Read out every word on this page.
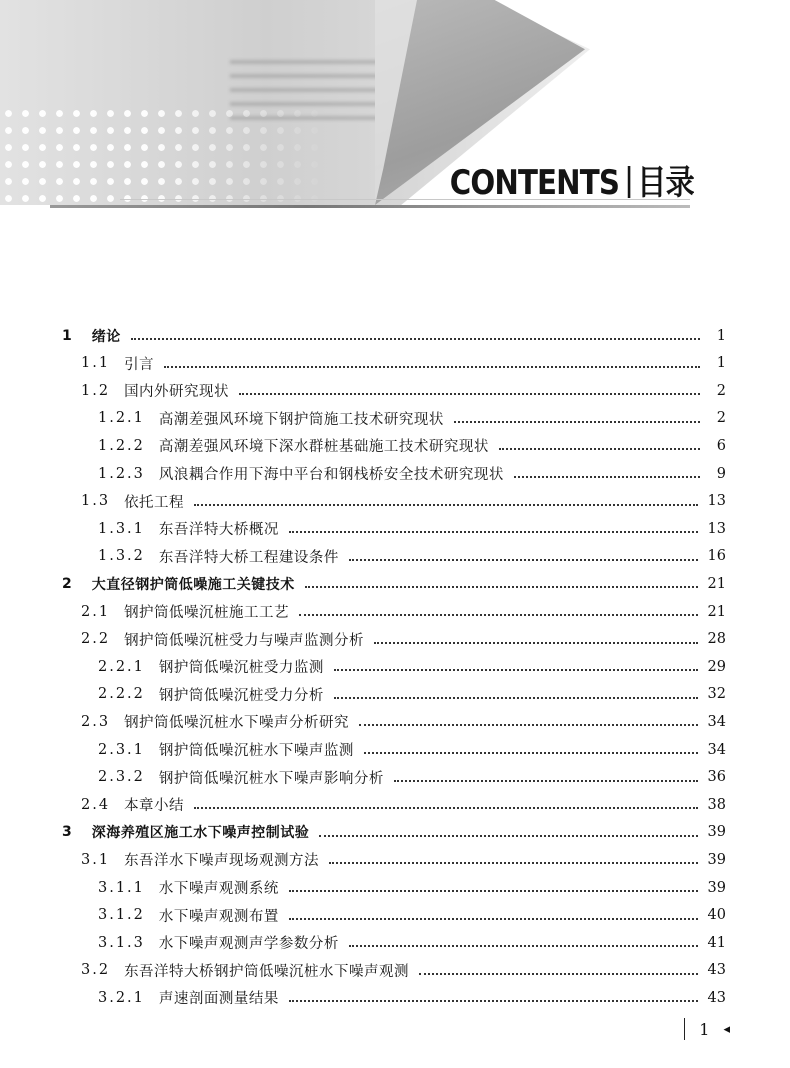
CONTENTS 目录
1 绪论	1
1.1 引言	1
1.2 国内外研究现状	2
1.2.1 高潮差强风环境下钢护筒施工技术研究现状	2
1.2.2 高潮差强风环境下深水群桩基础施工技术研究现状	6
1.2.3 风浪耦合作用下海中平台和钢栈桥安全技术研究现状	9
1.3 依托工程	13
1.3.1 东吾洋特大桥概况	13
1.3.2 东吾洋特大桥工程建设条件	16
2 大直径钢护筒低噪施工关键技术	21
2.1 钢护筒低噪沉桩施工工艺	21
2.2 钢护筒低噪沉桩受力与噪声监测分析	28
2.2.1 钢护筒低噪沉桩受力监测	29
2.2.2 钢护筒低噪沉桩受力分析	32
2.3 钢护筒低噪沉桩水下噪声分析研究	34
2.3.1 钢护筒低噪沉桩水下噪声监测	34
2.3.2 钢护筒低噪沉桩水下噪声影响分析	36
2.4 本章小结	38
3 深海养殖区施工水下噪声控制试验	39
3.1 东吾洋水下噪声现场观测方法	39
3.1.1 水下噪声观测系统	39
3.1.2 水下噪声观测布置	40
3.1.3 水下噪声观测声学参数分析	41
3.2 东吾洋特大桥钢护筒低噪沉桩水下噪声观测	43
3.2.1 声速剖面测量结果	43
1 ◂
